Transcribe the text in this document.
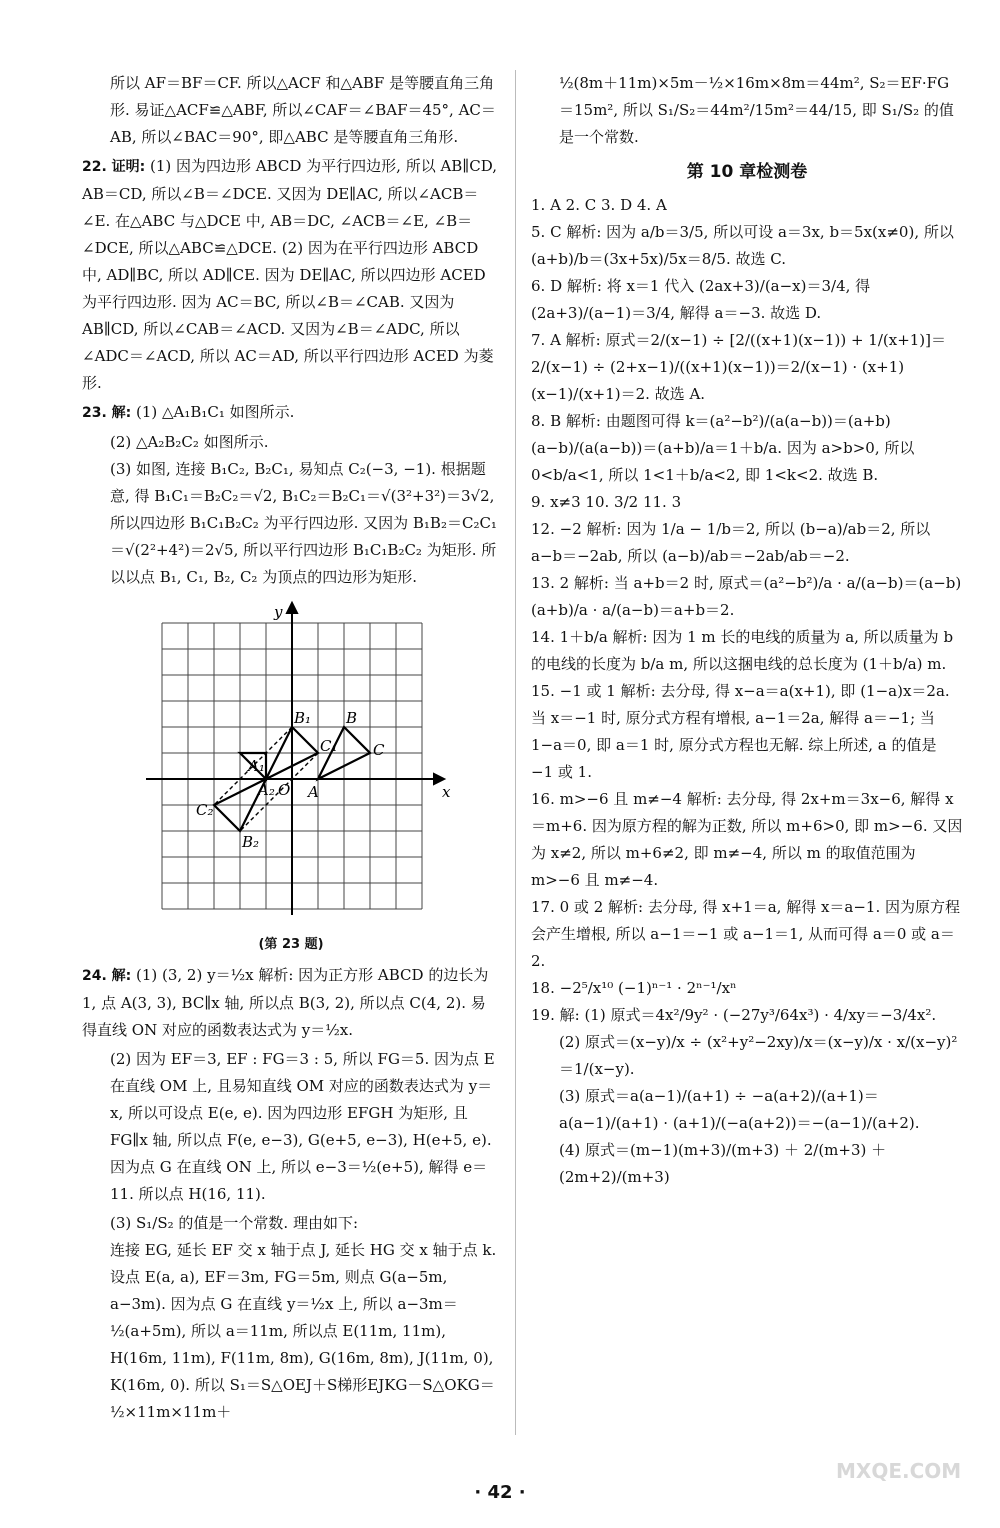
所以 AF＝BF＝CF. 所以△ACF 和△ABF 是等腰直角三角形. 易证△ACF≌△ABF, 所以∠CAF＝∠BAF＝45°, AC＝AB, 所以∠BAC＝90°, 即△ABC 是等腰直角三角形.

22. 证明: (1) 因为四边形 ABCD 为平行四边形, 所以 AB∥CD, AB＝CD, 所以∠B＝∠DCE. 又因为 DE∥AC, 所以∠ACB＝∠E. 在△ABC 与△DCE 中, AB＝DC, ∠ACB＝∠E, ∠B＝∠DCE, 所以△ABC≌△DCE. (2) 因为在平行四边形 ABCD 中, AD∥BC, 所以 AD∥CE. 因为 DE∥AC, 所以四边形 ACED 为平行四边形. 因为 AC＝BC, 所以∠B＝∠CAB. 又因为 AB∥CD, 所以∠CAB＝∠ACD. 又因为∠B＝∠ADC, 所以∠ADC＝∠ACD, 所以 AC＝AD, 所以平行四边形 ACED 为菱形.

23. 解: (1) △A₁B₁C₁ 如图所示.

(2) △A₂B₂C₂ 如图所示.

(3) 如图, 连接 B₁C₂, B₂C₁, 易知点 C₂(−3, −1). 根据题意, 得 B₁C₁＝B₂C₂＝√2, B₁C₂＝B₂C₁＝√(3²+3²)＝3√2, 所以四边形 B₁C₁B₂C₂ 为平行四边形. 又因为 B₁B₂＝C₂C₁＝√(2²+4²)＝2√5, 所以平行四边形 B₁C₁B₂C₂ 为矩形. 所以以点 B₁, C₁, B₂, C₂ 为顶点的四边形为矩形.

y
x
O A
B
C
B₁
C₁
A₁
C₂
B₂
A₂

(第 23 题)

24. 解: (1) (3, 2) y＝½x 解析: 因为正方形 ABCD 的边长为 1, 点 A(3, 3), BC∥x 轴, 所以点 B(3, 2), 所以点 C(4, 2). 易得直线 ON 对应的函数表达式为 y＝½x.

(2) 因为 EF＝3, EF : FG＝3 : 5, 所以 FG＝5. 因为点 E 在直线 OM 上, 且易知直线 OM 对应的函数表达式为 y＝x, 所以可设点 E(e, e). 因为四边形 EFGH 为矩形, 且 FG∥x 轴, 所以点 F(e, e−3), G(e+5, e−3), H(e+5, e). 因为点 G 在直线 ON 上, 所以 e−3＝½(e+5), 解得 e＝11. 所以点 H(16, 11).

(3) S₁/S₂ 的值是一个常数. 理由如下:

连接 EG, 延长 EF 交 x 轴于点 J, 延长 HG 交 x 轴于点 k. 设点 E(a, a), EF＝3m, FG＝5m, 则点 G(a−5m, a−3m). 因为点 G 在直线 y＝½x 上, 所以 a−3m＝½(a+5m), 所以 a＝11m, 所以点 E(11m, 11m), H(16m, 11m), F(11m, 8m), G(16m, 8m), J(11m, 0), K(16m, 0). 所以 S₁＝S△OEJ＋S梯形EJKG－S△OKG＝½×11m×11m＋

½(8m＋11m)×5m－½×16m×8m＝44m², S₂＝EF·FG＝15m², 所以 S₁/S₂＝44m²/15m²＝44/15, 即 S₁/S₂ 的值是一个常数.

第 10 章检测卷

1. A 2. C 3. D 4. A

5. C 解析: 因为 a/b＝3/5, 所以可设 a＝3x, b＝5x(x≠0), 所以 (a+b)/b＝(3x+5x)/5x＝8/5. 故选 C.

6. D 解析: 将 x＝1 代入 (2ax+3)/(a−x)＝3/4, 得 (2a+3)/(a−1)＝3/4, 解得 a＝−3. 故选 D.

7. A 解析: 原式＝2/(x−1) ÷ [2/((x+1)(x−1)) + 1/(x+1)]＝2/(x−1) ÷ (2+x−1)/((x+1)(x−1))＝2/(x−1) · (x+1)(x−1)/(x+1)＝2. 故选 A.

8. B 解析: 由题图可得 k＝(a²−b²)/(a(a−b))＝(a+b)(a−b)/(a(a−b))＝(a+b)/a＝1＋b/a. 因为 a>b>0, 所以 0<b/a<1, 所以 1<1＋b/a<2, 即 1<k<2. 故选 B.

9. x≠3 10. 3/2 11. 3

12. −2 解析: 因为 1/a − 1/b＝2, 所以 (b−a)/ab＝2, 所以 a−b＝−2ab, 所以 (a−b)/ab＝−2ab/ab＝−2.

13. 2 解析: 当 a+b＝2 时, 原式＝(a²−b²)/a · a/(a−b)＝(a−b)(a+b)/a · a/(a−b)＝a+b＝2.

14. 1＋b/a 解析: 因为 1 m 长的电线的质量为 a, 所以质量为 b 的电线的长度为 b/a m, 所以这捆电线的总长度为 (1＋b/a) m.

15. −1 或 1 解析: 去分母, 得 x−a＝a(x+1), 即 (1−a)x＝2a. 当 x＝−1 时, 原分式方程有增根, a−1＝2a, 解得 a＝−1; 当 1−a＝0, 即 a＝1 时, 原分式方程也无解. 综上所述, a 的值是 −1 或 1.

16. m>−6 且 m≠−4 解析: 去分母, 得 2x+m＝3x−6, 解得 x＝m+6. 因为原方程的解为正数, 所以 m+6>0, 即 m>−6. 又因为 x≠2, 所以 m+6≠2, 即 m≠−4, 所以 m 的取值范围为 m>−6 且 m≠−4.

17. 0 或 2 解析: 去分母, 得 x+1＝a, 解得 x＝a−1. 因为原方程会产生增根, 所以 a−1＝−1 或 a−1＝1, 从而可得 a＝0 或 a＝2.

18. −2⁵/x¹⁰ (−1)ⁿ⁻¹ · 2ⁿ⁻¹/xⁿ

19. 解: (1) 原式＝4x²/9y² · (−27y³/64x³) · 4/xy＝−3/4x².

(2) 原式＝(x−y)/x ÷ (x²+y²−2xy)/x＝(x−y)/x · x/(x−y)²＝1/(x−y).

(3) 原式＝a(a−1)/(a+1) ÷ −a(a+2)/(a+1)＝a(a−1)/(a+1) · (a+1)/(−a(a+2))＝−(a−1)/(a+2).

(4) 原式＝(m−1)(m+3)/(m+3) ＋ 2/(m+3) ＋ (2m+2)/(m+3)

· 42 ·
MXQE.COM
